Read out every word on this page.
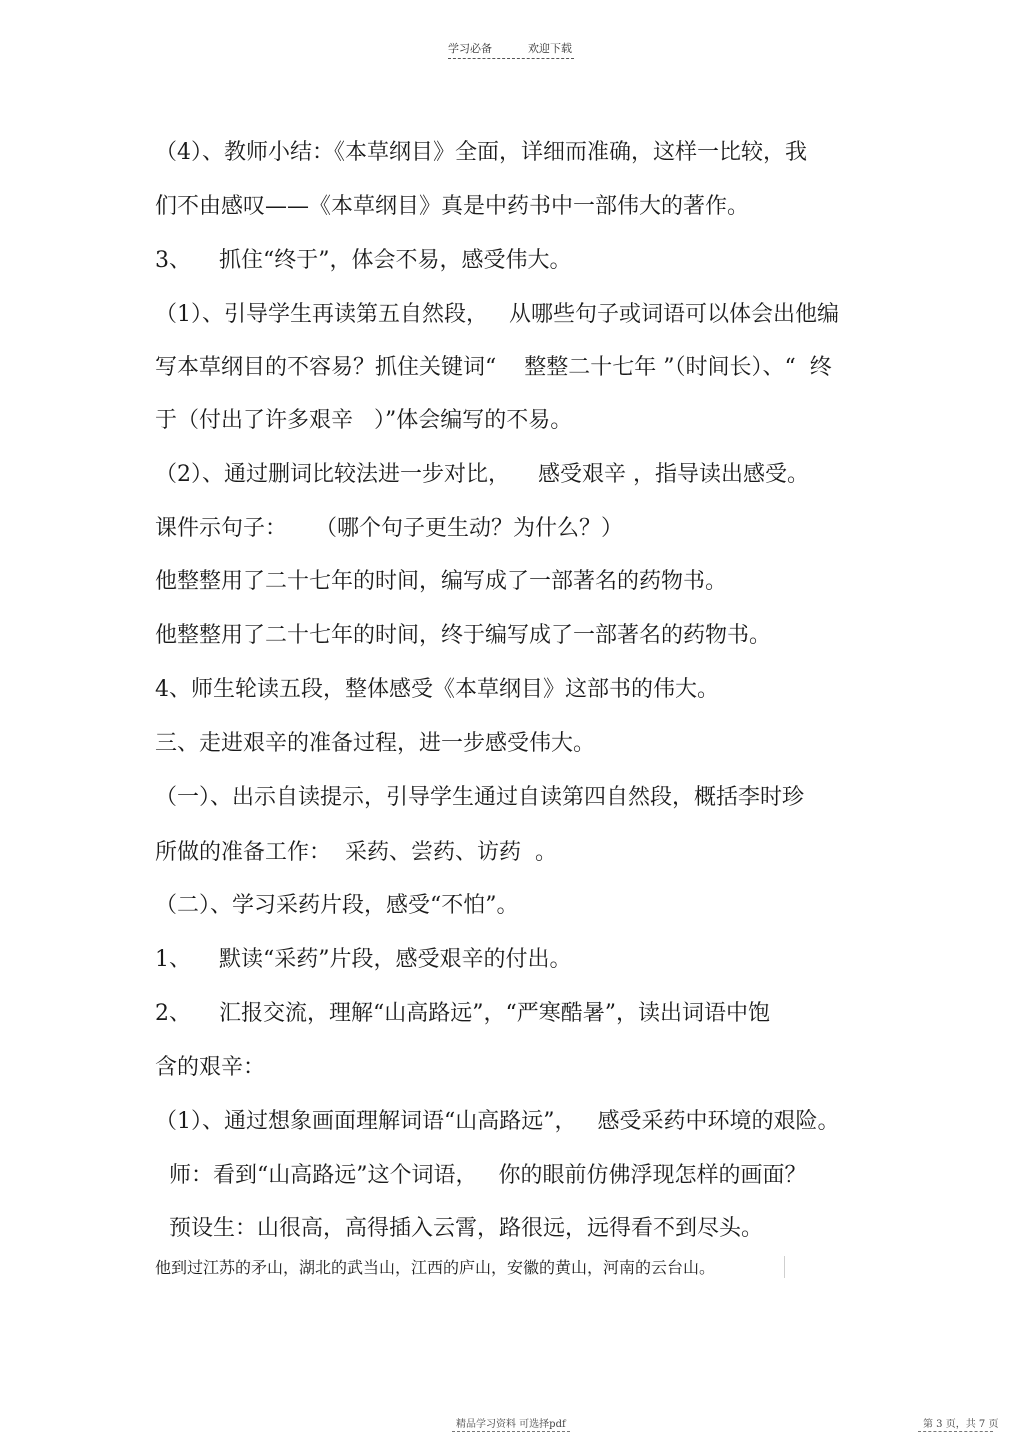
学习必备	欢迎下载
（4）、教师小结：《本草纲目》全面，详细而准确，这样一比较，我
们不由感叹——《本草纲目》真是中药书中一部伟大的著作。
3、    抓住“终于”，体会不易，感受伟大。
（1）、引导学生再读第五自然段，   从哪些句子或词语可以体会出他编
写本草纲目的不容易？抓住关键词“    整整二十七年 ”（时间长）、“  终
于（付出了许多艰辛   ）”体会编写的不易。
（2）、通过删词比较法进一步对比，    感受艰辛 ，指导读出感受。
课件示句子：    （哪个句子更生动？为什么？）
他整整用了二十七年的时间，编写成了一部著名的药物书。
他整整用了二十七年的时间，终于编写成了一部著名的药物书。
4、师生轮读五段，整体感受《本草纲目》这部书的伟大。
三、走进艰辛的准备过程，进一步感受伟大。
（一）、出示自读提示，引导学生通过自读第四自然段，概括李时珍
所做的准备工作：  采药、尝药、访药  。
（二）、学习采药片段，感受“不怕”。
1、    默读“采药”片段，感受艰辛的付出。
2、    汇报交流，理解“山高路远”，“严寒酷暑”，读出词语中饱
含的艰辛：
（1）、通过想象画面理解词语“山高路远”，   感受采药中环境的艰险。
师：看到“山高路远”这个词语，   你的眼前仿佛浮现怎样的画面？
预设生：山很高，高得插入云霄，路很远，远得看不到尽头。
他到过江苏的矛山，湖北的武当山，江西的庐山，安徽的黄山，河南的云台山。
精品学习资料 可选择pdf	第 3 页，共 7 页
